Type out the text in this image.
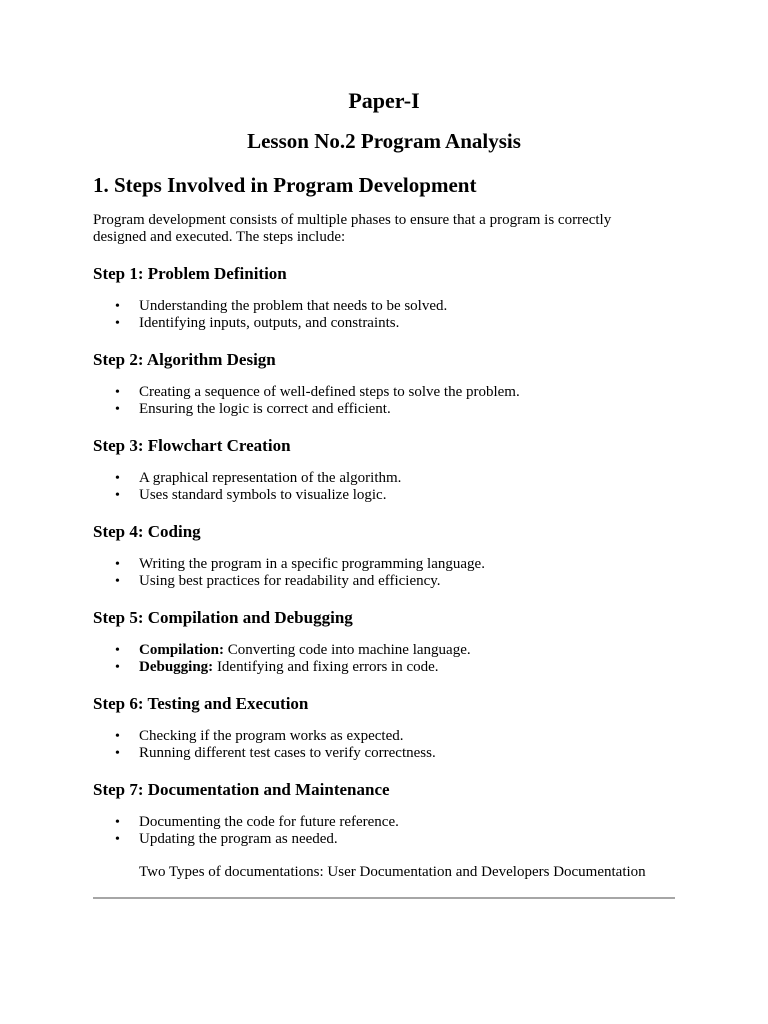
Paper-I
Lesson No.2 Program Analysis
1. Steps Involved in Program Development

Program development consists of multiple phases to ensure that a program is correctly designed and executed. The steps include:

Step 1: Problem Definition
• Understanding the problem that needs to be solved.
• Identifying inputs, outputs, and constraints.
Step 2: Algorithm Design
• Creating a sequence of well-defined steps to solve the problem.
• Ensuring the logic is correct and efficient.
Step 3: Flowchart Creation
• A graphical representation of the algorithm.
• Uses standard symbols to visualize logic.
Step 4: Coding
• Writing the program in a specific programming language.
• Using best practices for readability and efficiency.
Step 5: Compilation and Debugging
• Compilation: Converting code into machine language.
• Debugging: Identifying and fixing errors in code.
Step 6: Testing and Execution
• Checking if the program works as expected.
• Running different test cases to verify correctness.
Step 7: Documentation and Maintenance
• Documenting the code for future reference.
• Updating the program as needed.

Two Types of documentations: User Documentation and Developers Documentation
